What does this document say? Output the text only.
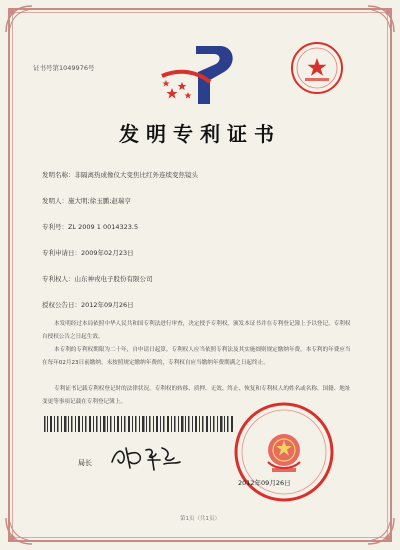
证书号第1049976号
发明专利证书
发明名称：非隔离热成像仪大变焦比红外连续变焦镜头
发明人：施大明;徐玉鹏;赵瑞亨
专利号：ZL 2009 1 0014323.5
专利申请日：2009年02月23日
专利权人：山东神戎电子股份有限公司
授权公告日：2012年09月26日
本发明经过本局依照中华人民共和国专利法进行审查，决定授予专利权，颁发本证书并在专利登记簿上予以登记。专利权自授权公告之日起生效。
本专利的专利权期限为二十年，自申请日起算。专利权人应当依照专利法及其实施细则规定缴纳年费。本专利的年费应当在每年02月23日前缴纳。未按照规定缴纳年费的，专利权自应当缴纳年费期满之日起终止。
专利证书记载专利权登记时的法律状况。专利权的转移、质押、无效、终止、恢复和专利权人的姓名或名称、国籍、地址变更等事项记载在专利登记簿上。
局长
2012年09月26日
第1页（共1页）
